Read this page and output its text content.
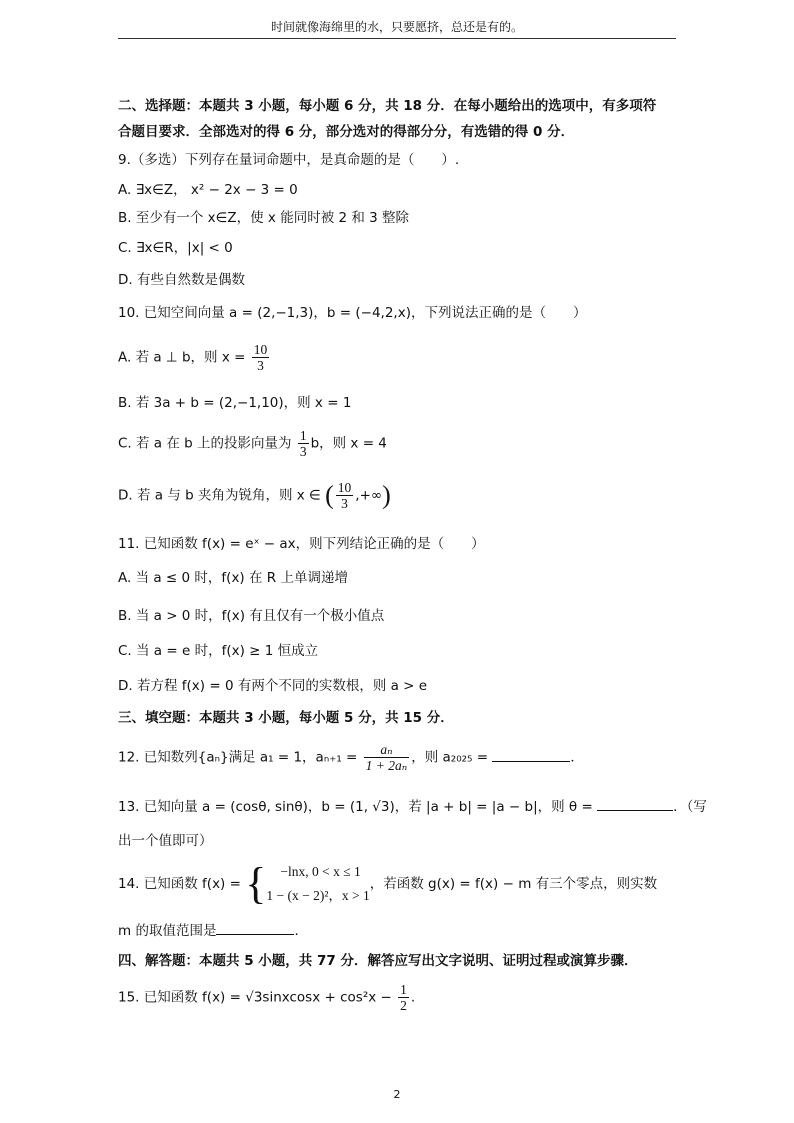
时间就像海绵里的水，只要愿挤，总还是有的。
二、选择题：本题共 3 小题，每小题 6 分，共 18 分．在每小题给出的选项中，有多项符
合题目要求．全部选对的得 6 分，部分选对的得部分分，有选错的得 0 分．
9.（多选）下列存在量词命题中，是真命题的是（　　）.
A. ∃x∈Z， x² − 2x − 3 = 0
B. 至少有一个 x∈Z，使 x 能同时被 2 和 3 整除
C. ∃x∈R，|x| < 0
D. 有些自然数是偶数
10. 已知空间向量 a = (2,−1,3)，b = (−4,2,x)，下列说法正确的是（　　）
A. 若 a ⊥ b，则 $x = \frac{10}{3}$
B. 若 3a + b = (2,−1,10)，则 x = 1
C. 若 a 在 b 上的投影向量为 $\frac{1}{3}$ b，则 x = 4
D. 若 a 与 b 夹角为锐角，则 x ∈ ( $\frac{10}{3}$ ,+∞)
11. 已知函数 f(x) = eˣ − ax，则下列结论正确的是（　　）
A. 当 a ≤ 0 时，f(x) 在 R 上单调递增
B. 当 a > 0 时，f(x) 有且仅有一个极小值点
C. 当 a = e 时，f(x) ≥ 1 恒成立
D. 若方程 f(x) = 0 有两个不同的实数根，则 a > e
三、填空题：本题共 3 小题，每小题 5 分，共 15 分．
12. 已知数列{aₙ}满足 a₁ = 1，$a_{n+1} = \frac{\text{aₙ}}{\text{1 + 2aₙ}}$ ，则 a₂₀₂₅ =	．
13. 已知向量 a = (cosθ, sinθ)，b = (1, √3)，若 |a + b| = |a − b|，则 θ =	．（写
出一个值即可）
14. 已知函数 f(x) = {	−lnx, 0 < x ≤ 1
1 − (x − 2)²，x > 1
，若函数 g(x) = f(x) − m 有三个零点，则实数
m 的取值范围是	．
四、解答题：本题共 5 小题，共 77 分．解答应写出文字说明、证明过程或演算步骤．
15. 已知函数 f(x) = √3sinxcosx + $\cos^2x - \frac{1}{2}$ .
2
